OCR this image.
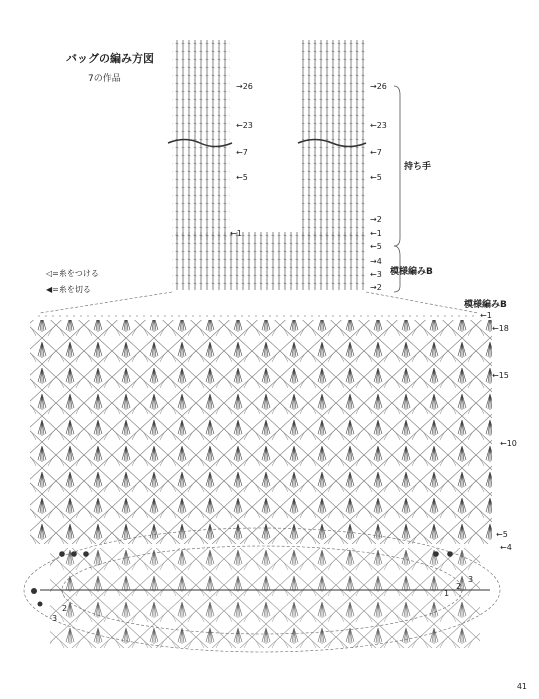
バッグの編み方図
7の作品
◁=糸をつける
◀=糸を切る
→26
←23
←7
←5
←1
→26
←23
←7
←5
→2
←1
持ち手
←5
→4
←3
→2
模様編みB
模様編みB
←1
←18
←15
←10
←5
←4
3
2
1
2
3
41
